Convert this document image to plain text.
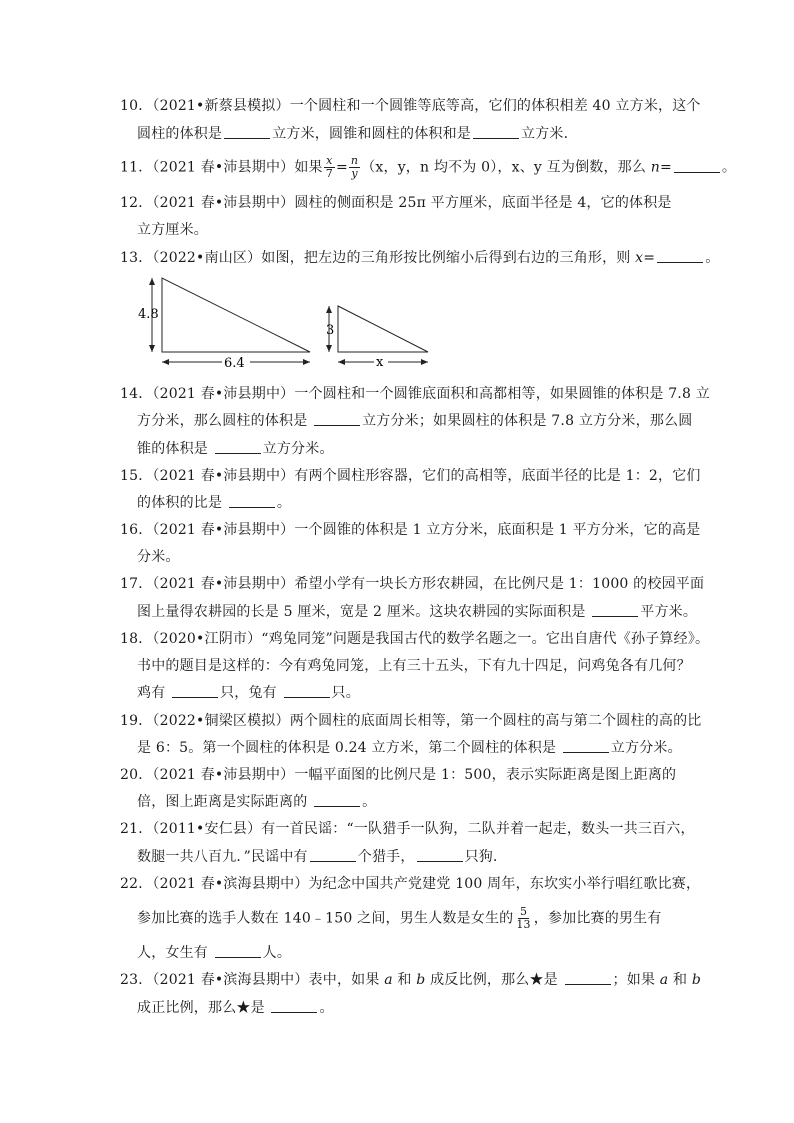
10．（2021•新蔡县模拟）一个圆柱和一个圆锥等底等高，它们的体积相差 40 立方米，这个
圆柱的体积是	立方米，圆锥和圆柱的体积和是	立方米．
11．（2021 春•沛县期中）如果 $\frac{x}{7} = \frac{n}{y} (x$，y，n 均不为 0），x、y 互为倒数，那么 n=	。
12．（2021 春•沛县期中）圆柱的侧面积是 25π 平方厘米，底面半径是 4，它的体积是
立方厘米。
13．（2022•南山区）如图，把左边的三角形按比例缩小后得到右边的三角形，则 x=	。
4.8
6.4
3
x
14．（2021 春•沛县期中）一个圆柱和一个圆锥底面积和高都相等，如果圆锥的体积是 7.8 立
方分米，那么圆柱的体积是	立方分米；如果圆柱的体积是 7.8 立方分米，那么圆
锥的体积是	立方分米。
15．（2021 春•沛县期中）有两个圆柱形容器，它们的高相等，底面半径的比是 1：2，它们
的体积的比是	。
16．（2021 春•沛县期中）一个圆锥的体积是 1 立方分米，底面积是 1 平方分米，它的高是
分米。
17．（2021 春•沛县期中）希望小学有一块长方形农耕园，在比例尺是 1：1000 的校园平面
图上量得农耕园的长是 5 厘米，宽是 2 厘米。这块农耕园的实际面积是	平方米。
18．（2020•江阴市）“鸡兔同笼”问题是我国古代的数学名题之一。它出自唐代《孙子算经》。
书中的题目是这样的：今有鸡兔同笼，上有三十五头，下有九十四足，问鸡兔各有几何？
鸡有	只，兔有	只。
19．（2022•铜梁区模拟）两个圆柱的底面周长相等，第一个圆柱的高与第二个圆柱的高的比
是 6：5。第一个圆柱的体积是 0.24 立方米，第二个圆柱的体积是	立方分米。
20．（2021 春•沛县期中）一幅平面图的比例尺是 1：500，表示实际距离是图上距离的
倍，图上距离是实际距离的	。
21．（2011•安仁县）有一首民谣：“一队猎手一队狗，二队并着一起走，数头一共三百六，
数腿一共八百九．”民谣中有	个猎手，	只狗．
22．（2021 春•滨海县期中）为纪念中国共产党建党 100 周年，东坎实小举行唱红歌比赛，
参加比赛的选手人数在 140﹣150 之间，男生人数是女生的 $\frac{5}{13}$ ，参加比赛的男生有
人，女生有	人。
23．（2021 春•滨海县期中）表中，如果 a 和 b 成反比例，那么★是	；如果 a 和 b
成正比例，那么★是	。
